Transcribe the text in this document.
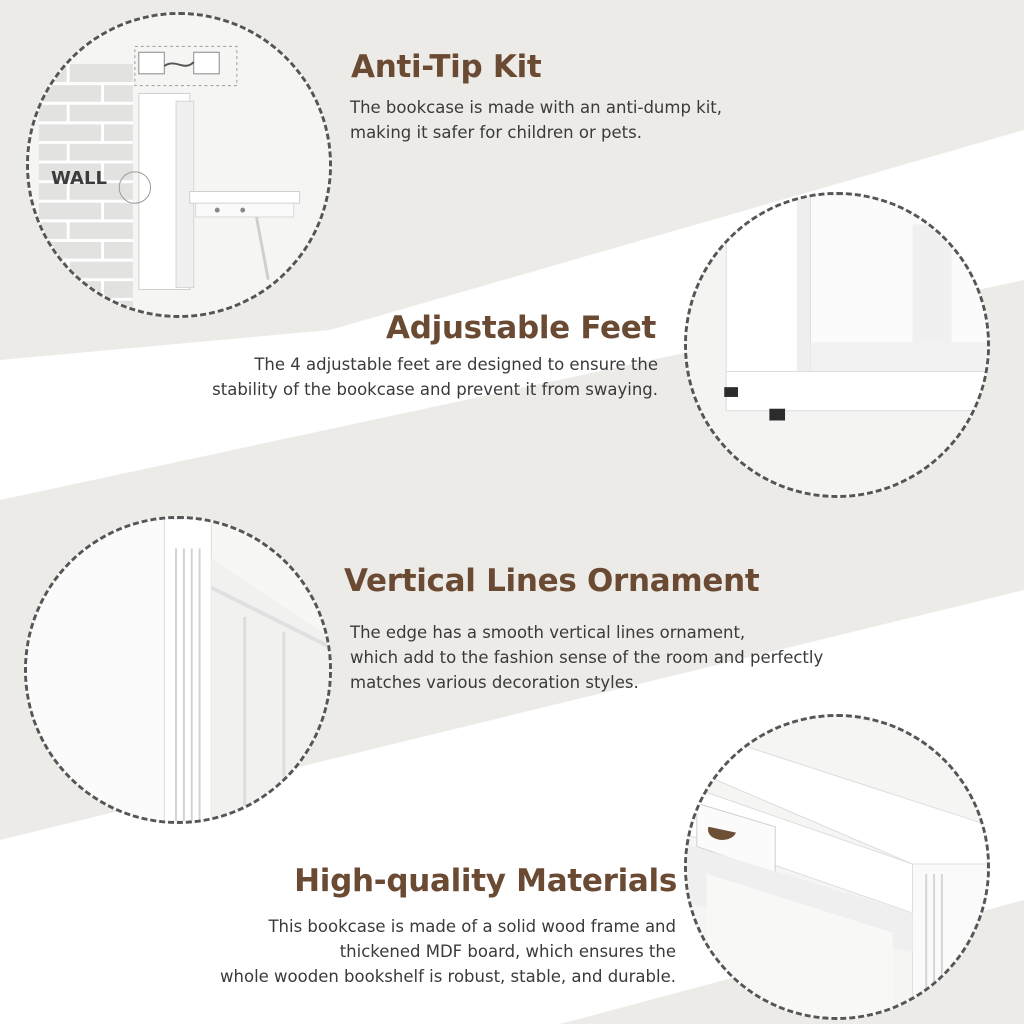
WALL
Anti-Tip Kit

The bookcase is made with an anti-dump kit,
making it safer for children or pets.

Adjustable Feet

The 4 adjustable feet are designed to ensure the
stability of the bookcase and prevent it from swaying.

Vertical Lines Ornament

The edge has a smooth vertical lines ornament,
which add to the fashion sense of the room and perfectly
matches various decoration styles.

High-quality Materials

This bookcase is made of a solid wood frame and
thickened MDF board, which ensures the
whole wooden bookshelf is robust, stable, and durable.
